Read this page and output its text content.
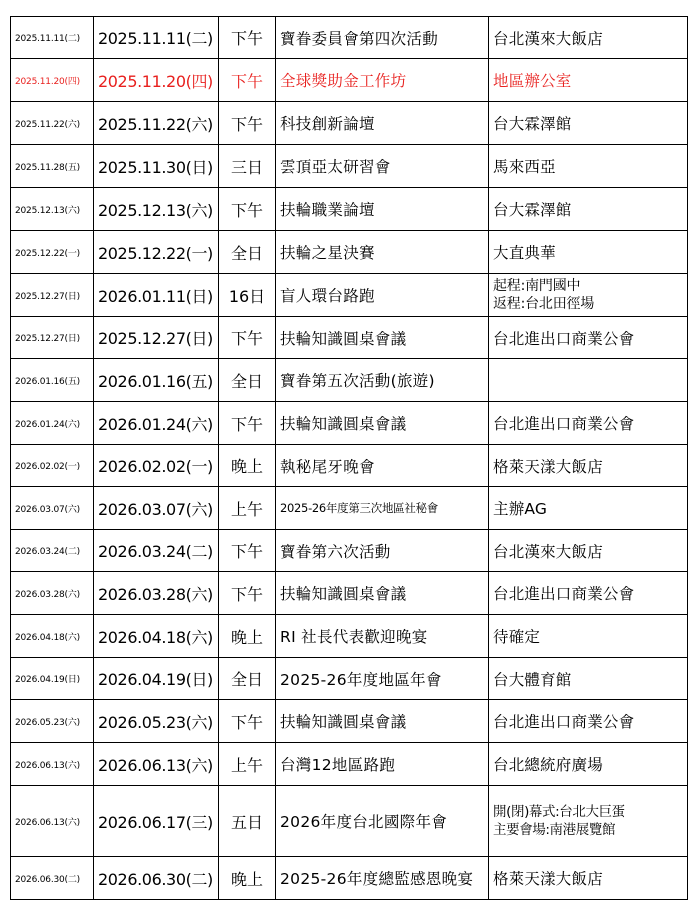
2025.11.11(二)	2025.11.11(二)	下午	寶眷委員會第四次活動	台北漢來大飯店

2025.11.20(四)	2025.11.20(四)	下午	全球獎助金工作坊	地區辦公室

2025.11.22(六)	2025.11.22(六)	下午	科技創新論壇	台大霖澤館

2025.11.28(五)	2025.11.30(日)	三日	雲頂亞太研習會	馬來西亞

2025.12.13(六)	2025.12.13(六)	下午	扶輪職業論壇	台大霖澤館

2025.12.22(一)	2025.12.22(一)	全日	扶輪之星決賽	大直典華

2025.12.27(日)	2026.01.11(日)	16日	盲人環台路跑	起程:南門國中
返程:台北田徑場

2025.12.27(日)	2025.12.27(日)	下午	扶輪知識圓桌會議	台北進出口商業公會

2026.01.16(五)	2026.01.16(五)	全日	寶眷第五次活動(旅遊)	

2026.01.24(六)	2026.01.24(六)	下午	扶輪知識圓桌會議	台北進出口商業公會

2026.02.02(一)	2026.02.02(一)	晚上	執秘尾牙晚會	格萊天漾大飯店

2026.03.07(六)	2026.03.07(六)	上午	2025-26年度第三次地區社秘會	主辦AG

2026.03.24(二)	2026.03.24(二)	下午	寶眷第六次活動	台北漢來大飯店

2026.03.28(六)	2026.03.28(六)	下午	扶輪知識圓桌會議	台北進出口商業公會

2026.04.18(六)	2026.04.18(六)	晚上	RI 社長代表歡迎晚宴	待確定

2026.04.19(日)	2026.04.19(日)	全日	2025-26年度地區年會	台大體育館

2026.05.23(六)	2026.05.23(六)	下午	扶輪知識圓桌會議	台北進出口商業公會

2026.06.13(六)	2026.06.13(六)	上午	台灣12地區路跑	台北總統府廣場

2026.06.13(六)	2026.06.17(三)	五日	2026年度台北國際年會	開(閉)幕式:台北大巨蛋
主要會場:南港展覽館

2026.06.30(二)	2026.06.30(二)	晚上	2025-26年度總監感恩晚宴	格萊天漾大飯店
